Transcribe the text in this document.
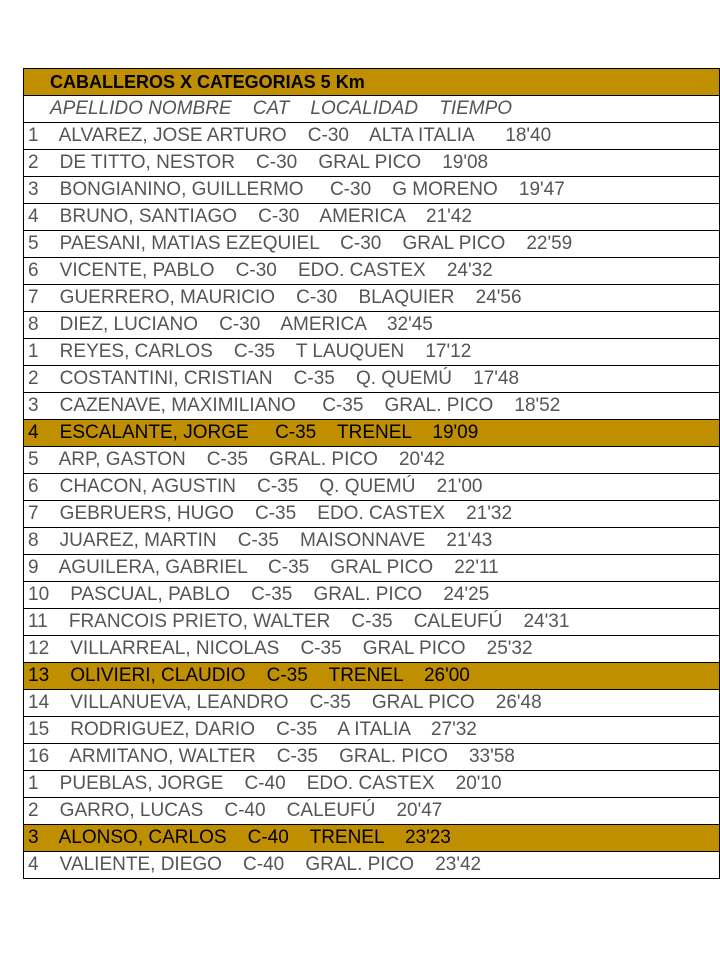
CABALLEROS X CATEGORIAS 5 Km
APELLIDO NOMBRE    CAT    LOCALIDAD    TIEMPO
1    ALVAREZ, JOSE ARTURO    C-30    ALTA ITALIA      18'40
2    DE TITTO, NESTOR    C-30    GRAL PICO    19'08
3    BONGIANINO, GUILLERMO     C-30    G MORENO    19'47
4    BRUNO, SANTIAGO    C-30    AMERICA    21'42
5    PAESANI, MATIAS EZEQUIEL    C-30    GRAL PICO    22'59
6    VICENTE, PABLO    C-30    EDO. CASTEX    24'32
7    GUERRERO, MAURICIO    C-30    BLAQUIER    24'56
8    DIEZ, LUCIANO    C-30    AMERICA    32'45
1    REYES, CARLOS    C-35    T LAUQUEN    17'12
2    COSTANTINI, CRISTIAN    C-35    Q. QUEMÚ    17'48
3    CAZENAVE, MAXIMILIANO     C-35    GRAL. PICO    18'52
4    ESCALANTE, JORGE     C-35    TRENEL    19'09
5    ARP, GASTON    C-35    GRAL. PICO    20'42
6    CHACON, AGUSTIN    C-35    Q. QUEMÚ    21'00
7    GEBRUERS, HUGO    C-35    EDO. CASTEX    21'32
8    JUAREZ, MARTIN    C-35    MAISONNAVE    21'43
9    AGUILERA, GABRIEL    C-35    GRAL PICO    22'11
10    PASCUAL, PABLO    C-35    GRAL. PICO    24'25
11    FRANCOIS PRIETO, WALTER    C-35    CALEUFÚ    24'31
12    VILLARREAL, NICOLAS    C-35    GRAL PICO    25'32
13    OLIVIERI, CLAUDIO    C-35    TRENEL    26'00
14    VILLANUEVA, LEANDRO    C-35    GRAL PICO    26'48
15    RODRIGUEZ, DARIO    C-35    A ITALIA    27'32
16    ARMITANO, WALTER    C-35    GRAL. PICO    33'58
1    PUEBLAS, JORGE    C-40    EDO. CASTEX    20'10
2    GARRO, LUCAS    C-40    CALEUFÚ    20'47
3    ALONSO, CARLOS    C-40    TRENEL    23'23
4    VALIENTE, DIEGO    C-40    GRAL. PICO    23'42
